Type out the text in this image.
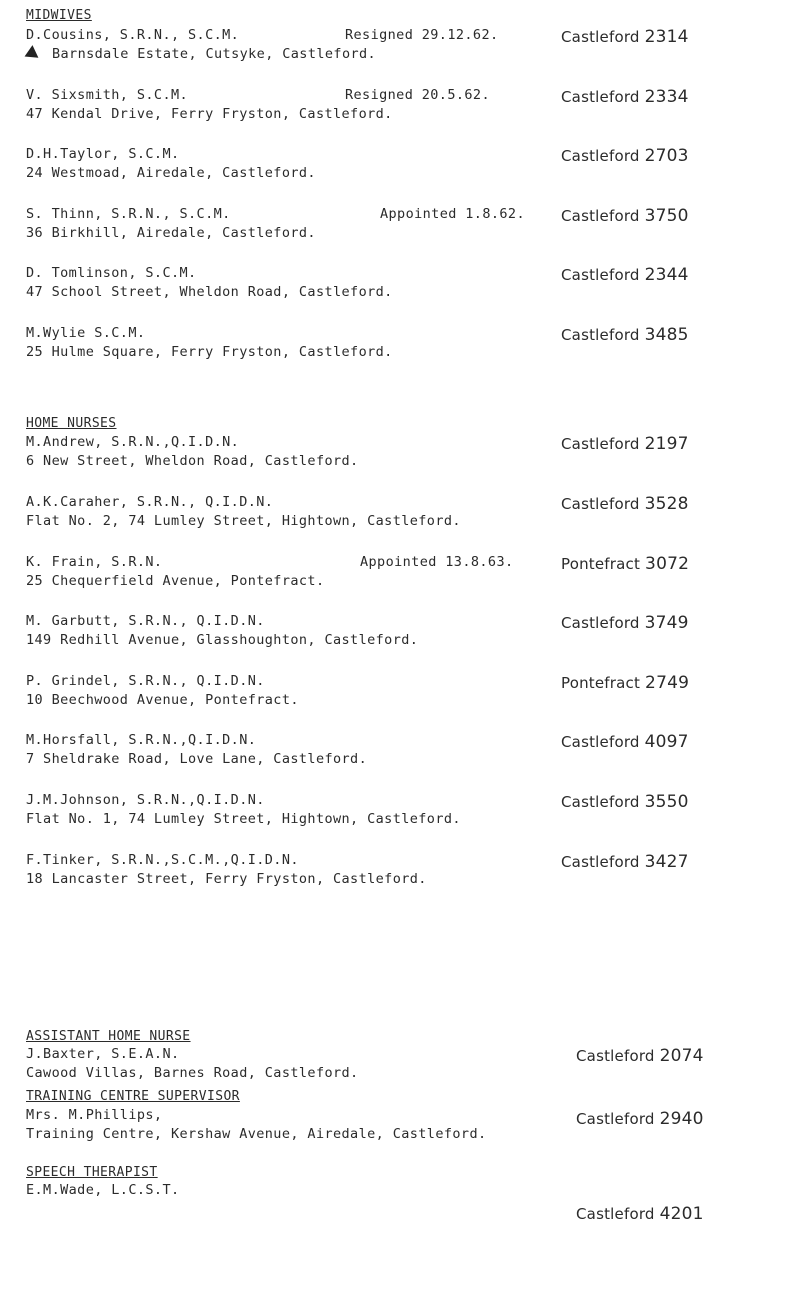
MIDWIVES
D.Cousins, S.R.N., S.C.M.	Resigned 29.12.62.	Castleford 2314
Barnsdale Estate, Cutsyke, Castleford.
V. Sixsmith, S.C.M.	Resigned 20.5.62.	Castleford 2334
47 Kendal Drive, Ferry Fryston, Castleford.
D.H.Taylor, S.C.M.	Castleford 2703
24 Westmoad, Airedale, Castleford.
S. Thinn, S.R.N., S.C.M.	Appointed 1.8.62. Castleford 3750
36 Birkhill, Airedale, Castleford.
D. Tomlinson, S.C.M.	Castleford 2344
47 School Street, Wheldon Road, Castleford.
M.Wylie S.C.M.	Castleford 3485
25 Hulme Square, Ferry Fryston, Castleford.
HOME NURSES
M.Andrew, S.R.N.,Q.I.D.N.	Castleford 2197
6 New Street, Wheldon Road, Castleford.
A.K.Caraher, S.R.N., Q.I.D.N.	Castleford 3528
Flat No. 2, 74 Lumley Street, Hightown, Castleford.
K. Frain, S.R.N.	Appointed 13.8.63.	Pontefract 3072
25 Chequerfield Avenue, Pontefract.
M. Garbutt, S.R.N., Q.I.D.N.	Castleford 3749
149 Redhill Avenue, Glasshoughton, Castleford.
P. Grindel, S.R.N., Q.I.D.N.	Pontefract 2749
10 Beechwood Avenue, Pontefract.
M.Horsfall, S.R.N.,Q.I.D.N.	Castleford 4097
7 Sheldrake Road, Love Lane, Castleford.
J.M.Johnson, S.R.N.,Q.I.D.N.	Castleford 3550
Flat No. 1, 74 Lumley Street, Hightown, Castleford.
F.Tinker, S.R.N.,S.C.M.,Q.I.D.N.	Castleford 3427
18 Lancaster Street, Ferry Fryston, Castleford.
ASSISTANT HOME NURSE
J.Baxter, S.E.A.N.	Castleford 2074
Cawood Villas, Barnes Road, Castleford.
TRAINING CENTRE SUPERVISOR
Mrs. M.Phillips,	Castleford 2940
Training Centre, Kershaw Avenue, Airedale, Castleford.
SPEECH THERAPIST
E.M.Wade, L.C.S.T.
Castleford 4201
